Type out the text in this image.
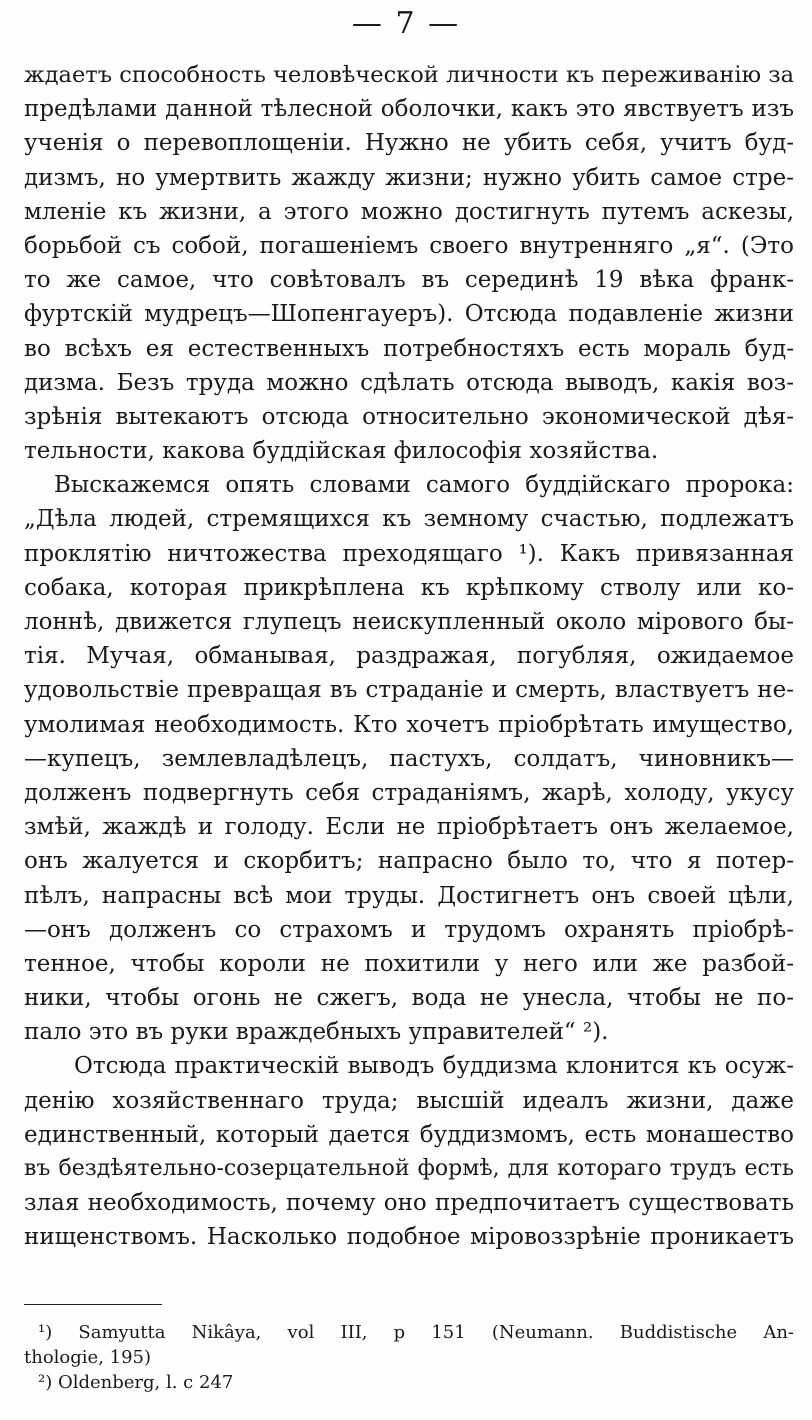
— 7 —
ждаетъ способность человѣческой личности къ переживанію за
предѣлами данной тѣлесной оболочки, какъ это явствуетъ изъ
ученія о перевоплощеніи. Нужно не убить себя, учитъ буд-
дизмъ, но умертвить жажду жизни; нужно убить самое стре-
мленіе къ жизни, а этого можно достигнуть путемъ аскезы,
борьбой съ собой, погашеніемъ своего внутренняго „я“. (Это
то же самое, что совѣтовалъ въ серединѣ 19 вѣка франк-
фуртскій мудрецъ—Шопенгауеръ). Отсюда подавленіе жизни
во всѣхъ ея естественныхъ потребностяхъ есть мораль буд-
дизма. Безъ труда можно сдѣлать отсюда выводъ, какія воз-
зрѣнія вытекаютъ отсюда относительно экономической дѣя-
тельности, какова буддійская философія хозяйства.
Выскажемся опять словами самого буддійскаго пророка:
„Дѣла людей, стремящихся къ земному счастью, подлежатъ
проклятію ничтожества преходящаго ¹). Какъ привязанная
собака, которая прикрѣплена къ крѣпкому стволу или ко-
лоннѣ, движется глупецъ неискупленный около мірового бы-
тія. Мучая, обманывая, раздражая, погубляя, ожидаемое
удовольствіе превращая въ страданіе и смерть, властвуетъ не-
умолимая необходимость. Кто хочетъ пріобрѣтать имущество,
—купецъ, землевладѣлецъ, пастухъ, солдатъ, чиновникъ—
долженъ подвергнуть себя страданіямъ, жарѣ, холоду, укусу
змѣй, жаждѣ и голоду. Если не пріобрѣтаетъ онъ желаемое,
онъ жалуется и скорбитъ; напрасно было то, что я потер-
пѣлъ, напрасны всѣ мои труды. Достигнетъ онъ своей цѣли,
—онъ долженъ со страхомъ и трудомъ охранять пріобрѣ-
тенное, чтобы короли не похитили у него или же разбой-
ники, чтобы огонь не сжегъ, вода не унесла, чтобы не по-
пало это въ руки враждебныхъ управителей“ ²).
Отсюда практическій выводъ буддизма клонится къ осуж-
денію хозяйственнаго труда; высшій идеалъ жизни, даже
единственный, который дается буддизмомъ, есть монашество
въ бездѣятельно-созерцательной формѣ, для котораго трудъ есть
злая необходимость, почему оно предпочитаетъ существовать
нищенствомъ. Насколько подобное міровоззрѣніе проникаетъ
¹) Samyutta Nikâya, vol III, p 151 (Neumann. Buddistische An-
thologie, 195)
²) Oldenberg, l. c 247
